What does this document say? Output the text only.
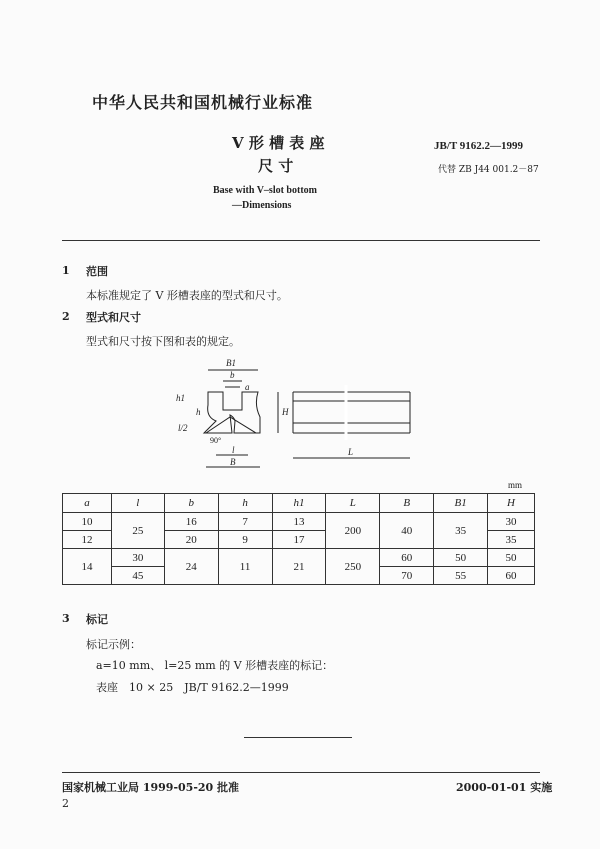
中华人民共和国机械行业标准
V 形 槽 表 座
尺 寸
Base with V–slot bottom
—Dimensions
JB/T 9162.2—1999
代替 ZB J44 001.2－87
1 范围
本标准规定了 V 形槽表座的型式和尺寸。
2 型式和尺寸
型式和尺寸按下图和表的规定。
B1
b
a
h1
h
l/2
H
90°
l
B
L
mm
a	l	b	h	h1	L	B	B1	H
10	25	16	7	13	200	40	35	30
12		20	9	17				35
14	30	24	11	21	250	60	50	50
	45					70	55	60
3 标记
标记示例：
a=10 mm、 l=25 mm 的 V 形槽表座的标记：
表座　10 × 25　JB/T 9162.2—1999
国家机械工业局 1999-05-20 批准	2000-01-01 实施
2
